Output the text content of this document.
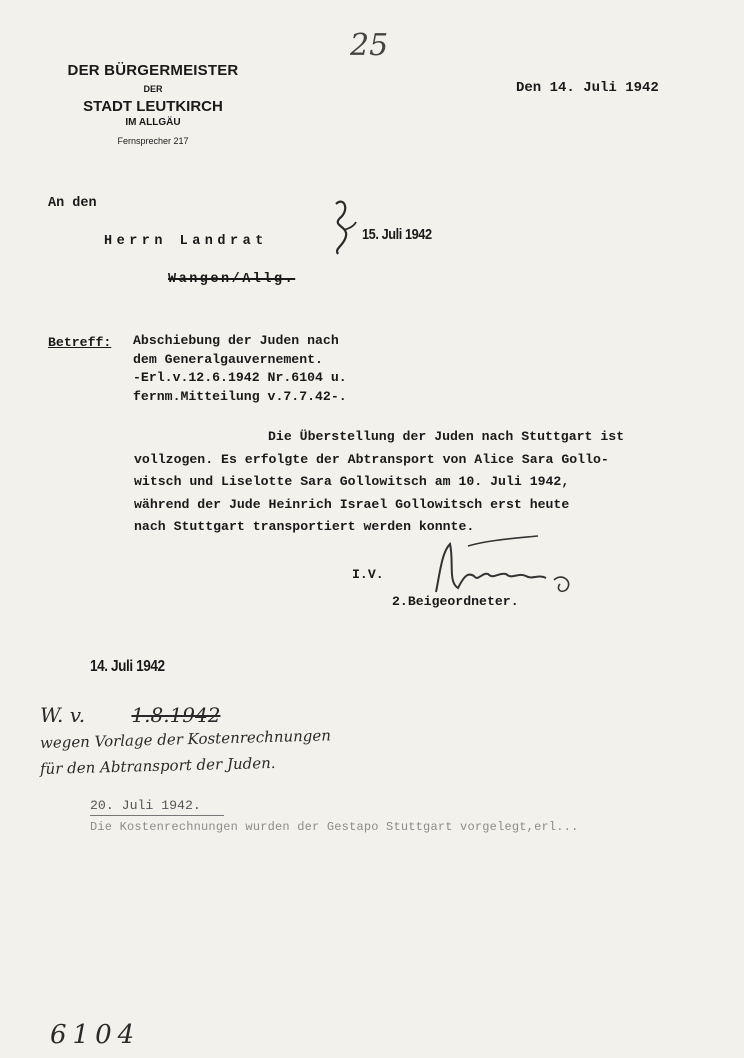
25
DER BÜRGERMEISTER
DER
STADT LEUTKIRCH
IM ALLGÄU
Fernsprecher 217
Den 14. Juli 1942
An den
Herrn Landrat	15. Juli 1942
Wangen/Allg.
Betreff: Abschiebung der Juden nach
dem Generalgauvernement.
-Erl.v.12.6.1942 Nr.6104 u.
fernm.Mitteilung v.7.7.42-.
Die Überstellung der Juden nach Stuttgart ist
vollzogen. Es erfolgte der Abtransport von Alice Sara Gollo-
witsch und Liselotte Sara Gollowitsch am 10. Juli 1942,
während der Jude Heinrich Israel Gollowitsch erst heute
nach Stuttgart transportiert werden konnte.
I.V.
2.Beigeordneter.
14. Juli 1942
W. v. 1.8.1942
wegen Vorlage der Kostenrechnungen
für den Abtransport der Juden.
20. Juli 1942.
Die Kostenrechnungen wurden der Gestapo Stuttgart vorgelegt,erl...
6104
